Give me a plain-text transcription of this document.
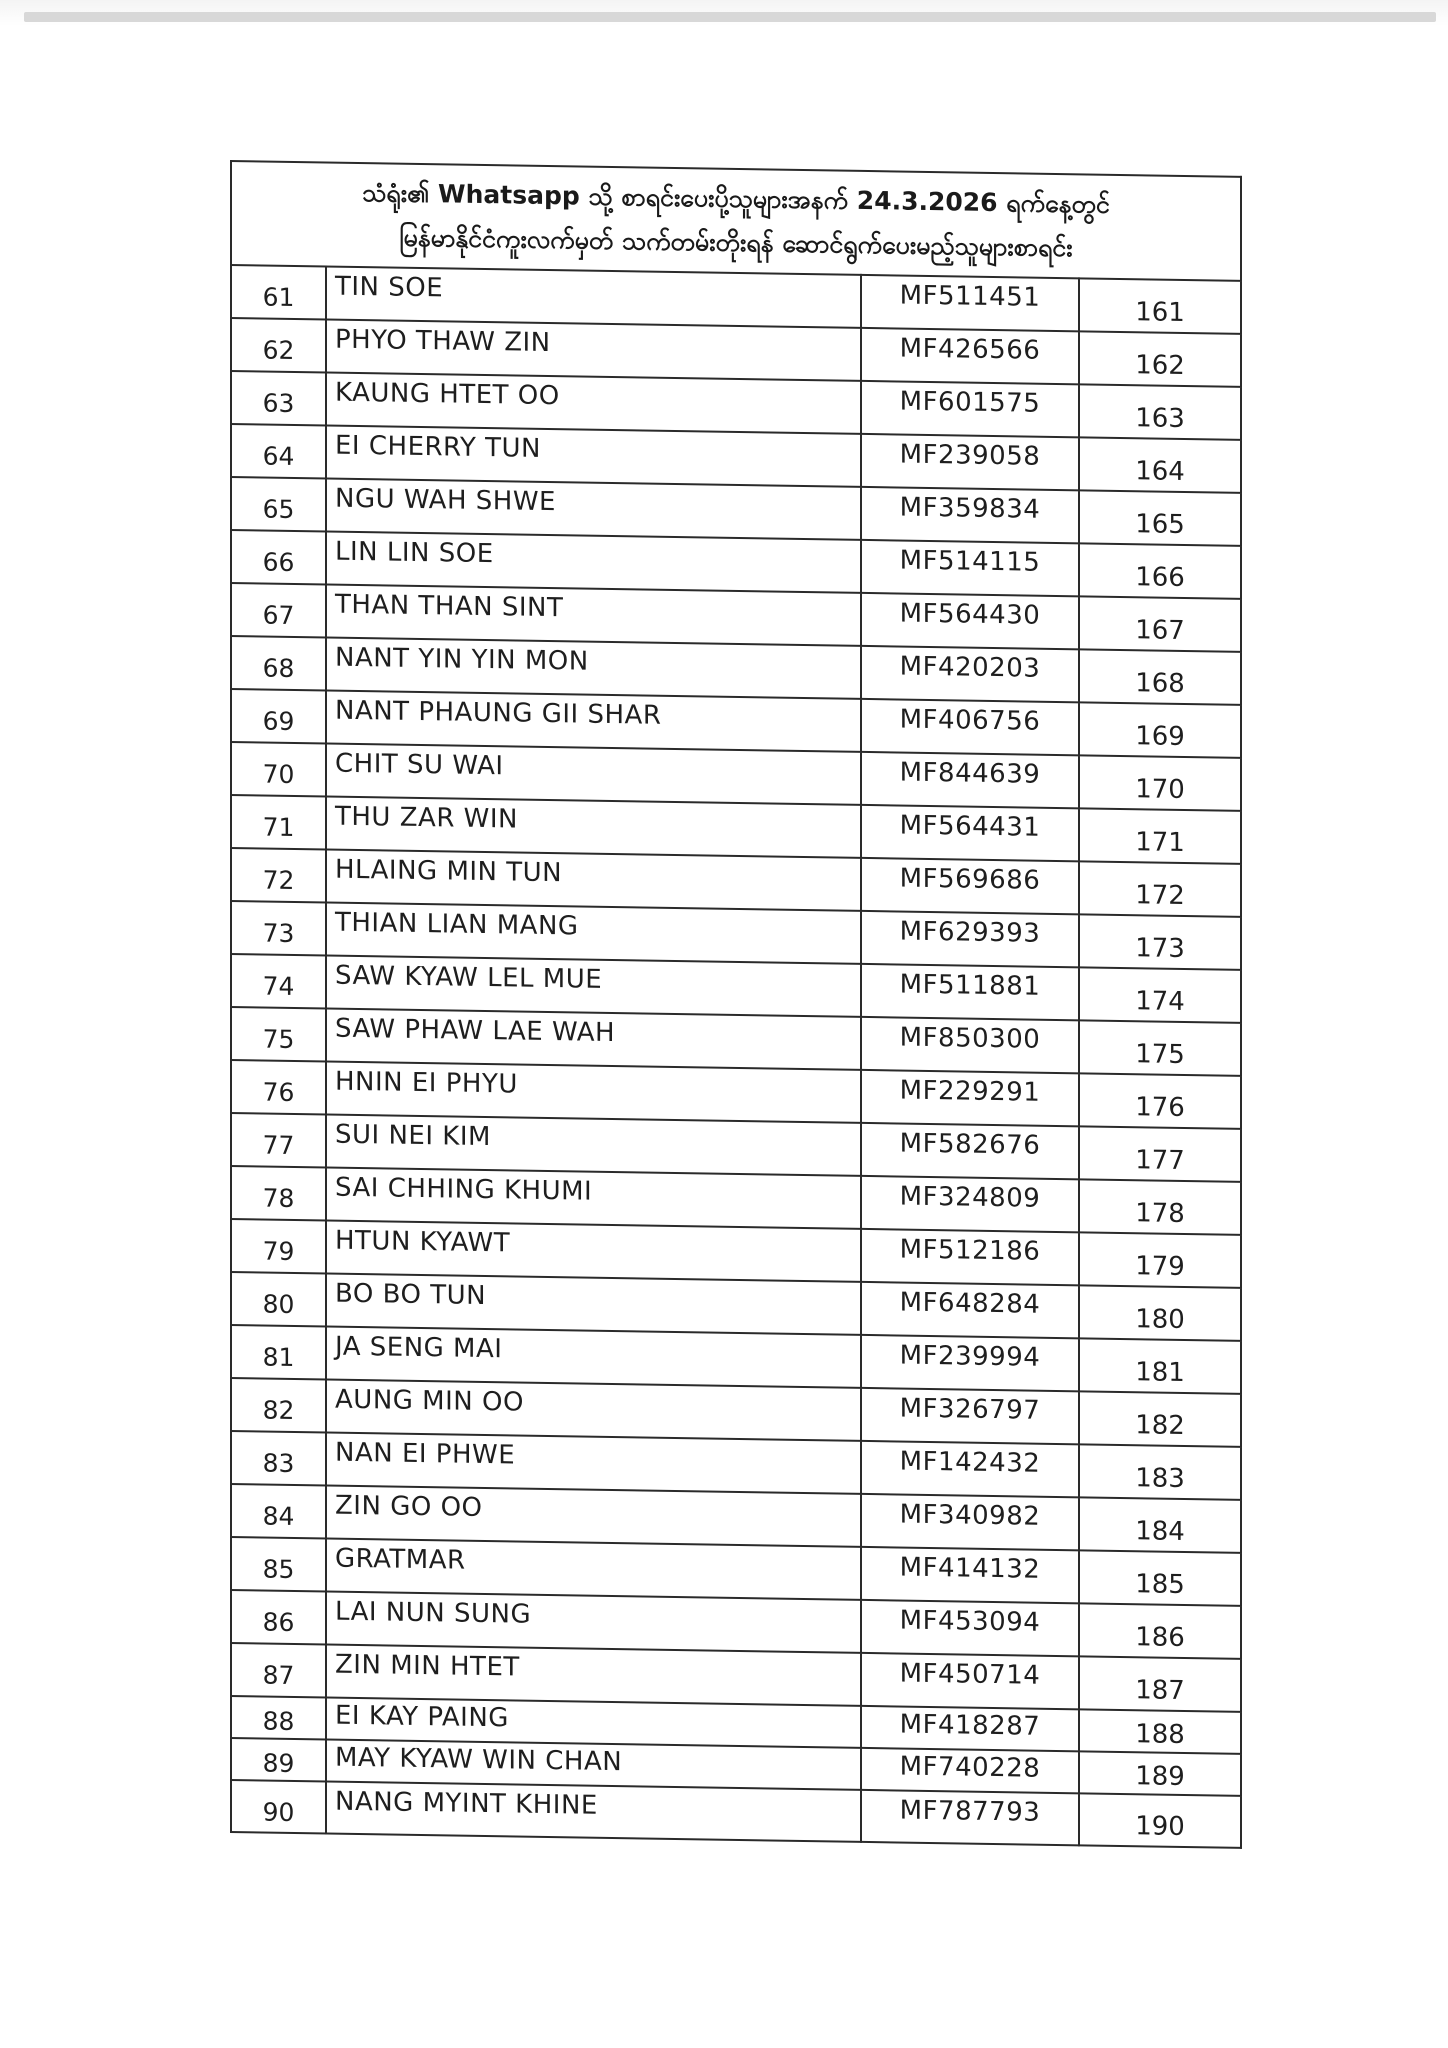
သံရုံး၏ Whatsapp သို့ စာရင်းပေးပို့သူများအနက် 24.3.2026 ရက်နေ့တွင်
မြန်မာနိုင်ငံကူးလက်မှတ် သက်တမ်းတိုးရန် ဆောင်ရွက်ပေးမည့်သူများစာရင်း			

61	TIN SOE	MF511451	161
62	PHYO THAW ZIN	MF426566	162
63	KAUNG HTET OO	MF601575	163
64	EI CHERRY TUN	MF239058	164
65	NGU WAH SHWE	MF359834	165
66	LIN LIN SOE	MF514115	166
67	THAN THAN SINT	MF564430	167
68	NANT YIN YIN MON	MF420203	168
69	NANT PHAUNG GII SHAR	MF406756	169
70	CHIT SU WAI	MF844639	170
71	THU ZAR WIN	MF564431	171
72	HLAING MIN TUN	MF569686	172
73	THIAN LIAN MANG	MF629393	173
74	SAW KYAW LEL MUE	MF511881	174
75	SAW PHAW LAE WAH	MF850300	175
76	HNIN EI PHYU	MF229291	176
77	SUI NEI KIM	MF582676	177
78	SAI CHHING KHUMI	MF324809	178
79	HTUN KYAWT	MF512186	179
80	BO BO TUN	MF648284	180
81	JA SENG MAI	MF239994	181
82	AUNG MIN OO	MF326797	182
83	NAN EI PHWE	MF142432	183
84	ZIN GO OO	MF340982	184
85	GRATMAR	MF414132	185
86	LAI NUN SUNG	MF453094	186
87	ZIN MIN HTET	MF450714	187
88	EI KAY PAING	MF418287	188
89	MAY KYAW WIN CHAN	MF740228	189
90	NANG MYINT KHINE	MF787793	190
